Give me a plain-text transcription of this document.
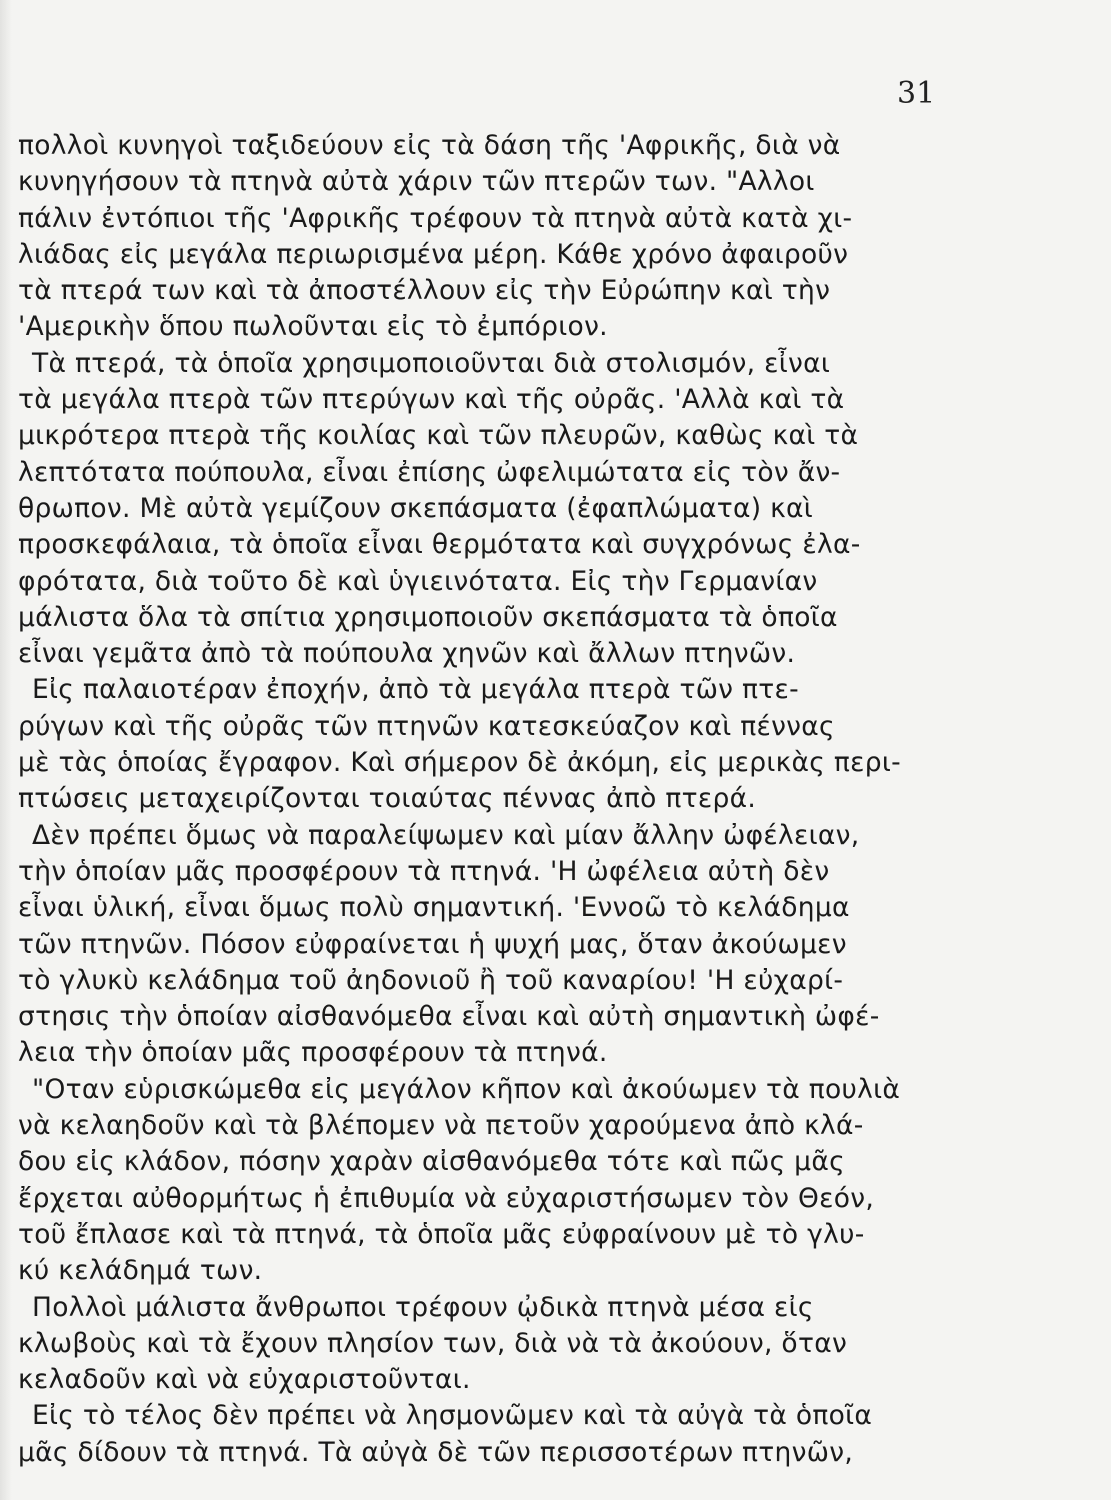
31
πολλοὶ κυνηγοὶ ταξιδεύουν εἰς τὰ δάση τῆς 'Αφρικῆς, διὰ νὰ
κυνηγήσουν τὰ πτηνὰ αὐτὰ χάριν τῶν πτερῶν των. "Αλλοι
πάλιν ἐντόπιοι τῆς 'Αφρικῆς τρέφουν τὰ πτηνὰ αὐτὰ κατὰ χι-
λιάδας εἰς μεγάλα περιωρισμένα μέρη. Κάθε χρόνο ἀφαιροῦν
τὰ πτερά των καὶ τὰ ἀποστέλλουν εἰς τὴν Εὐρώπην καὶ τὴν
'Αμερικὴν ὅπου πωλοῦνται εἰς τὸ ἐμπόριον.
Τὰ πτερά, τὰ ὁποῖα χρησιμοποιοῦνται διὰ στολισμόν, εἶναι
τὰ μεγάλα πτερὰ τῶν πτερύγων καὶ τῆς οὐρᾶς. 'Αλλὰ καὶ τὰ
μικρότερα πτερὰ τῆς κοιλίας καὶ τῶν πλευρῶν, καθὼς καὶ τὰ
λεπτότατα πούπουλα, εἶναι ἐπίσης ὠφελιμώτατα εἰς τὸν ἄν-
θρωπον. Μὲ αὐτὰ γεμίζουν σκεπάσματα (ἐφαπλώματα) καὶ
προσκεφάλαια, τὰ ὁποῖα εἶναι θερμότατα καὶ συγχρόνως ἐλα-
φρότατα, διὰ τοῦτο δὲ καὶ ὑγιεινότατα. Εἰς τὴν Γερμανίαν
μάλιστα ὅλα τὰ σπίτια χρησιμοποιοῦν σκεπάσματα τὰ ὁποῖα
εἶναι γεμᾶτα ἀπὸ τὰ πούπουλα χηνῶν καὶ ἄλλων πτηνῶν.
Εἰς παλαιοτέραν ἐποχήν, ἀπὸ τὰ μεγάλα πτερὰ τῶν πτε-
ρύγων καὶ τῆς οὐρᾶς τῶν πτηνῶν κατεσκεύαζον καὶ πέννας
μὲ τὰς ὁποίας ἔγραφον. Καὶ σήμερον δὲ ἀκόμη, εἰς μερικὰς περι-
πτώσεις μεταχειρίζονται τοιαύτας πέννας ἀπὸ πτερά.
Δὲν πρέπει ὅμως νὰ παραλείψωμεν καὶ μίαν ἄλλην ὠφέλειαν,
τὴν ὁποίαν μᾶς προσφέρουν τὰ πτηνά. 'Η ὠφέλεια αὐτὴ δὲν
εἶναι ὑλική, εἶναι ὅμως πολὺ σημαντική. 'Εννοῶ τὸ κελάδημα
τῶν πτηνῶν. Πόσον εὐφραίνεται ἡ ψυχή μας, ὅταν ἀκούωμεν
τὸ γλυκὺ κελάδημα τοῦ ἀηδονιοῦ ἢ τοῦ καναρίου! 'Η εὐχαρί-
στησις τὴν ὁποίαν αἰσθανόμεθα εἶναι καὶ αὐτὴ σημαντικὴ ὠφέ-
λεια τὴν ὁποίαν μᾶς προσφέρουν τὰ πτηνά.
"Οταν εὑρισκώμεθα εἰς μεγάλον κῆπον καὶ ἀκούωμεν τὰ πουλιὰ
νὰ κελαηδοῦν καὶ τὰ βλέπομεν νὰ πετοῦν χαρούμενα ἀπὸ κλά-
δου εἰς κλάδον, πόσην χαρὰν αἰσθανόμεθα τότε καὶ πῶς μᾶς
ἔρχεται αὐθορμήτως ἡ ἐπιθυμία νὰ εὐχαριστήσωμεν τὸν Θεόν,
τοῦ ἔπλασε καὶ τὰ πτηνά, τὰ ὁποῖα μᾶς εὐφραίνουν μὲ τὸ γλυ-
κύ κελάδημά των.
Πολλοὶ μάλιστα ἄνθρωποι τρέφουν ᾠδικὰ πτηνὰ μέσα εἰς
κλωβοὺς καὶ τὰ ἔχουν πλησίον των, διὰ νὰ τὰ ἀκούουν, ὅταν
κελαδοῦν καὶ νὰ εὐχαριστοῦνται.
Εἰς τὸ τέλος δὲν πρέπει νὰ λησμονῶμεν καὶ τὰ αὐγὰ τὰ ὁποῖα
μᾶς δίδουν τὰ πτηνά. Τὰ αὐγὰ δὲ τῶν περισσοτέρων πτηνῶν,
